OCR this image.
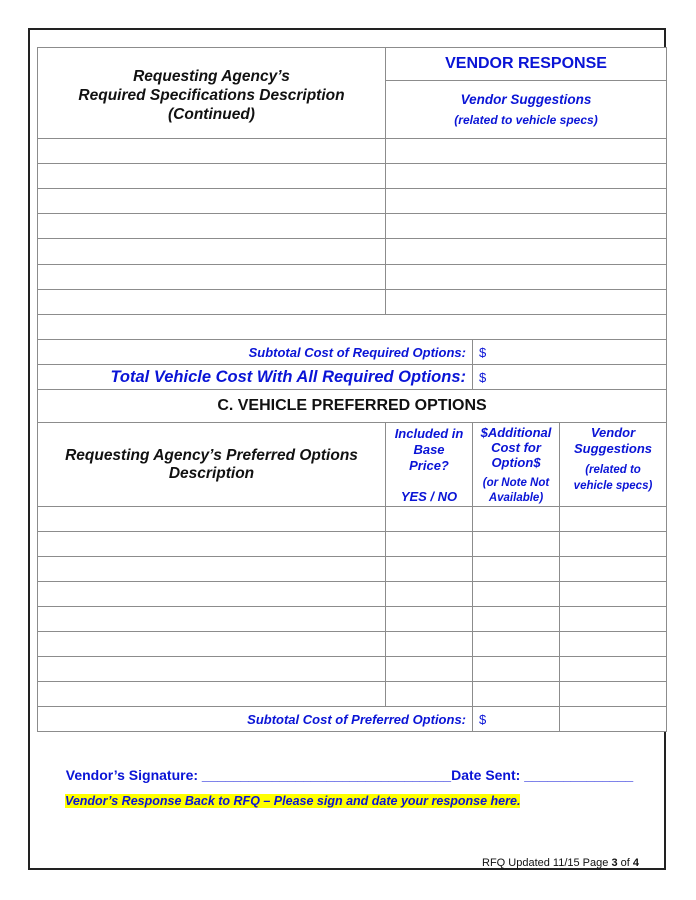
Requesting Agency’s
Required Specifications Description
(Continued)
VENDOR RESPONSE
Vendor Suggestions
(related to vehicle specs)
Subtotal Cost of Required Options: $
Total Vehicle Cost With All Required Options: $
C. VEHICLE PREFERRED OPTIONS
Requesting Agency’s Preferred Options
Description
Included in
Base
Price?
YES / NO
$Additional
Cost for
Option$
(or Note Not
Available)
Vendor
Suggestions
(related to
vehicle specs)
Subtotal Cost of Preferred Options: $

Vendor’s Signature: ________________________________Date Sent: ______________

Vendor’s Response Back to RFQ – Please sign and date your response here.

RFQ Updated 11/15 Page 3 of 4
